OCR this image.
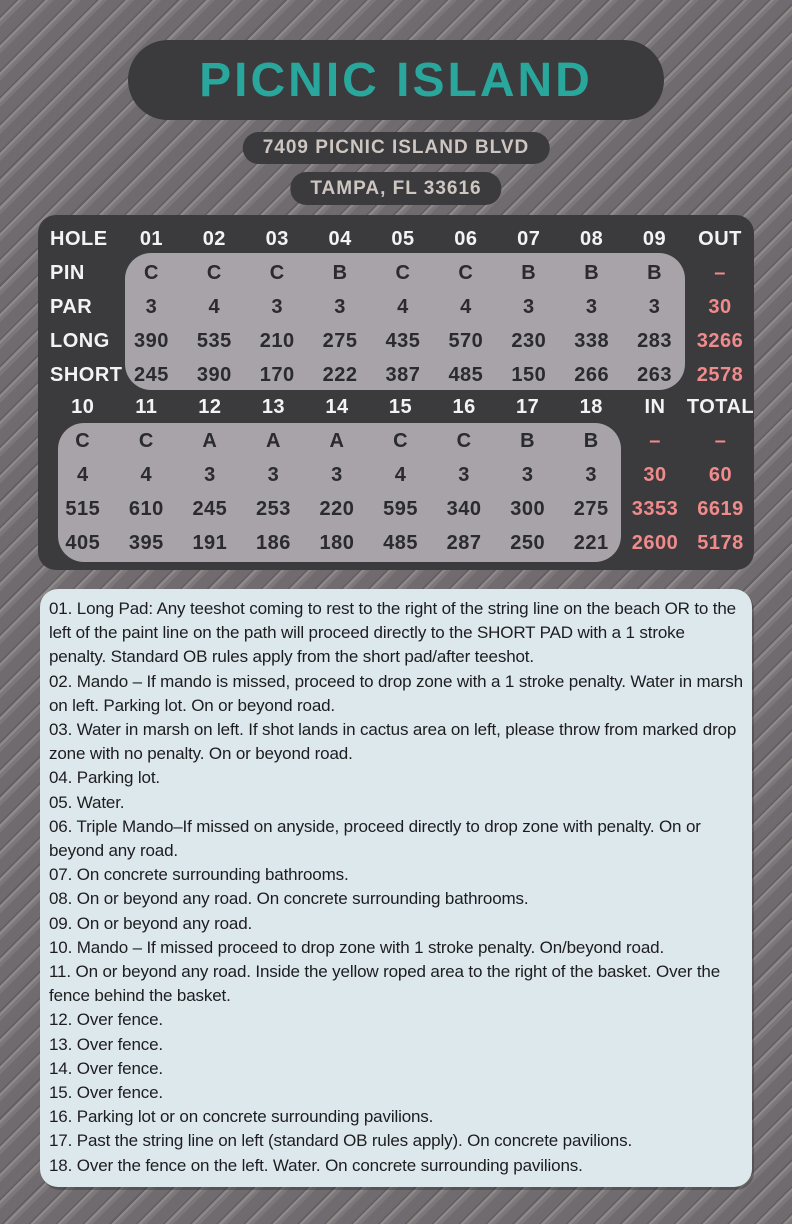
PICNIC ISLAND
7409 PICNIC ISLAND BLVD
TAMPA, FL 33616
HOLE	01	02	03	04	05	06	07	08	09	OUT
PIN	C	C	C	B	C	C	B	B	B	–
PAR	3	4	3	3	4	4	3	3	3	30
LONG	390	535	210	275	435	570	230	338	283	3266
SHORT 245	390	170	222	387	485	150	266	263	2578
10	11	12	13	14	15	16	17	18	IN	TOTAL
C	C	A	A	A	C	C	B	B	–	–
4	4	3	3	3	4	3	3	3	30	60
515	610	245	253	220	595	340	300	275	3353 6619
405	395	191	186	180	485	287	250	221	2600 5178

01. Long Pad: Any teeshot coming to rest to the right of the string line on the beach OR to the left of the paint line on the path will proceed directly to the SHORT PAD with a 1 stroke penalty. Standard OB rules apply from the short pad/after teeshot.

02. Mando – If mando is missed, proceed to drop zone with a 1 stroke penalty. Water in marsh on left. Parking lot. On or beyond road.

03. Water in marsh on left. If shot lands in cactus area on left, please throw from marked drop zone with no penalty. On or beyond road.

04. Parking lot.

05. Water.

06. Triple Mando–If missed on anyside, proceed directly to drop zone with penalty. On or beyond any road.

07. On concrete surrounding bathrooms.

08. On or beyond any road. On concrete surrounding bathrooms.

09. On or beyond any road.

10. Mando – If missed proceed to drop zone with 1 stroke penalty. On/beyond road.

11. On or beyond any road. Inside the yellow roped area to the right of the basket. Over the fence behind the basket.

12. Over fence.

13. Over fence.

14. Over fence.

15. Over fence.

16. Parking lot or on concrete surrounding pavilions.

17. Past the string line on left (standard OB rules apply). On concrete pavilions.

18. Over the fence on the left. Water. On concrete surrounding pavilions.
